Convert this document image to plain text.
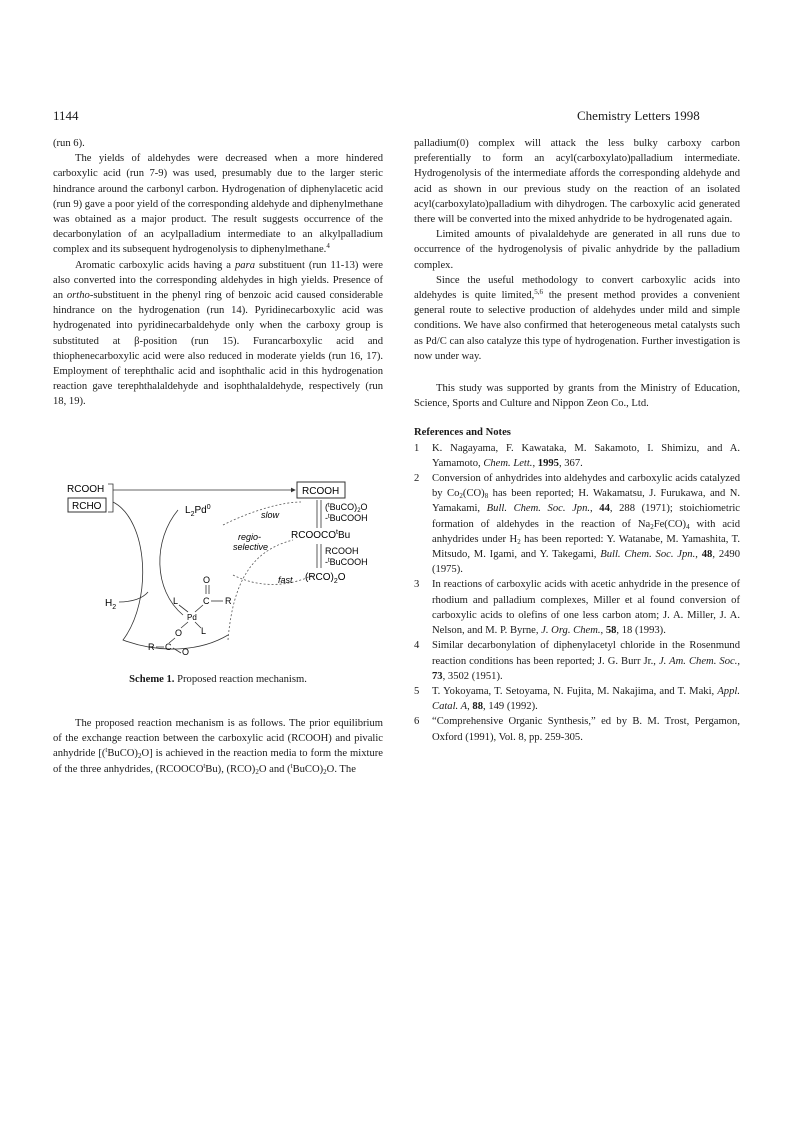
1144	Chemistry Letters 1998

(run 6).

The yields of aldehydes were decreased when a more hindered carboxylic acid (run 7-9) was used, presumably due to the larger steric hindrance around the carbonyl carbon. Hydrogenation of diphenylacetic acid (run 9) gave a poor yield of the corresponding aldehyde and diphenylmethane was obtained as a major product. The result suggests occurrence of the decarbonylation of an acylpalladium intermediate to an alkylpalladium complex and its subsequent hydrogenolysis to diphenylmethane.$^4$

Aromatic carboxylic acids having a para substituent (run 11-13) were also converted into the corresponding aldehydes in high yields. Presence of an ortho-substituent in the phenyl ring of benzoic acid caused considerable hindrance on the hydrogenation (run 14). Pyridinecarboxylic acid was hydrogenated into pyridinecarbaldehyde only when the carboxy group is substituted at β-position (run 15). Furancarboxylic acid and thiophenecarboxylic acid were also reduced in moderate yields (run 16, 17). Employment of terephthalic acid and isophthalic acid in this hydrogenation reaction gave terephthalaldehyde and isophthalaldehyde, respectively (run 18, 19).

RCOOH
RCHO
RCOOH
$L_2Pd^0$
slow
regio-
selective
fast
$(^tBuCO)_2O$
-$^t$BuCOOH
RCOOCO$^t$Bu
RCOOH
-$^t$BuCOOH
$(RCO)_2O$
$H_2$
O
L	C R
Pd
L
O
R C O
Scheme 1. Proposed reaction mechanism.

The proposed reaction mechanism is as follows. The prior equilibrium of the exchange reaction between the carboxylic acid (RCOOH) and pivalic anhydride $[(^tBuCO)_2O]$ is achieved in the reaction media to form the mixture of the three anhydrides, (RCOOCO$^t$Bu), $(RCO)_2O$ and $(^tBuCO)_2O$. The

palladium(0) complex will attack the less bulky carboxy carbon preferentially to form an acyl(carboxylato)palladium intermediate. Hydrogenolysis of the intermediate affords the corresponding aldehyde and acid as shown in our previous study on the reaction of an isolated acyl(carboxylato)palladium with dihydrogen. The carboxylic acid generated there will be converted into the mixed anhydride to be hydrogenated again.

Limited amounts of pivalaldehyde are generated in all runs due to occurrence of the hydrogenolysis of pivalic anhydride by the palladium complex.

Since the useful methodology to convert carboxylic acids into aldehydes is quite limited,$^{5,6}$ the present method provides a convenient general route to selective production of aldehydes under mild and simple conditions. We have also confirmed that heterogeneous metal catalysts such as Pd/C can also catalyze this type of hydrogenation. Further investigation is now under way.

This study was supported by grants from the Ministry of Education, Science, Sports and Culture and Nippon Zeon Co., Ltd.

References and Notes

1 K. Nagayama, F. Kawataka, M. Sakamoto, I. Shimizu, and A. Yamamoto, Chem. Lett., 1995, 367.
2 Conversion of anhydrides into aldehydes and carboxylic acids catalyzed by $Co_2(CO)_8$ has been reported; H. Wakamatsu, J. Furukawa, and N. Yamakami, Bull. Chem. Soc. Jpn., 44, 288 (1971); stoichiometric formation of aldehydes in the reaction of $Na_2Fe(CO)_4$ with acid anhydrides under $H_2$ has been reported: Y. Watanabe, M. Yamashita, T. Mitsudo, M. Igami, and Y. Takegami, Bull. Chem. Soc. Jpn., 48, 2490 (1975).
3 In reactions of carboxylic acids with acetic anhydride in the presence of rhodium and palladium complexes, Miller et al found conversion of carboxylic acids to olefins of one less carbon atom; J. A. Miller, J. A. Nelson, and M. P. Byrne, J. Org. Chem., 58, 18 (1993).
4 Similar decarbonylation of diphenylacetyl chloride in the Rosenmund reaction conditions has been reported; J. G. Burr Jr., J. Am. Chem. Soc., 73, 3502 (1951).
5 T. Yokoyama, T. Setoyama, N. Fujita, M. Nakajima, and T. Maki, Appl. Catal. A, 88, 149 (1992).
6 “Comprehensive Organic Synthesis,” ed by B. M. Trost, Pergamon, Oxford (1991), Vol. 8, pp. 259-305.
